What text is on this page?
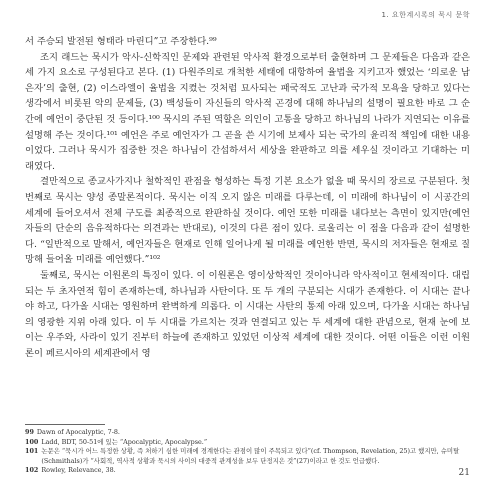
1. 요한계시록의 묵시 문학

서 주승되 발전된 형태라 마린디”고 주장한다.⁹⁹

조지 래드는 묵시가 악사-신학직인 문제와 관련된 악사적 환경으로부터 출현하며 그 문제들은 다음과 같은 세 가지 요소로 구성된다고 본다. (1) 다원주의로 개척한 세태에 대항하여 율법을 지키고자 했었는 ‘의로운 남은자’의 출현, (2) 이스라엘이 율법을 지켰는 것처럼 묘사되는 패국적도 고난과 국가적 모욕을 당하고 있다는 생각에서 비롯된 악의 문제들, (3) 백성들이 자신들의 악사적 곤경에 대해 하나님의 설명이 필요한 바로 그 순간에 예언이 중단된 것 등이다.¹⁰⁰ 묵시의 주된 역할은 의인이 고통을 당하고 하나님의 나라가 지연되는 이유를 설명해 주는 것이다.¹⁰¹ 예언은 주로 예언자가 그 곧을 쓴 시기에 보제사 되는 국가의 윤리적 책임에 대한 내용이었다. 그러나 묵시가 집중한 것은 하나님이 간섭하셔서 세상을 완판하고 의를 세우실 것이라고 기대하는 미래였다.

결만적으로 종교사가지나 철학적인 관점을 형성하는 특정 기본 요소가 없을 때 묵시의 장르로 구분된다. 첫 번째로 묵시는 양성 종말론적이다. 묵시는 이직 오지 않은 미래를 다루는데, 이 미래에 하나님이 이 시공간의 세계에 들어오셔서 전체 구도를 최종적으로 완판하실 것이다. 예언 또한 미래를 내다보는 측면이 있지만(예언자들의 단순의 음유적하다는 의견과는 반대로), 이것의 다른 점이 있다. 로울리는 이 점을 다음과 같이 설명한다. “일반적으로 말해서, 예언자들은 현재로 인해 일어나게 될 미래를 예언한 반면, 묵시의 저자들은 현재로 질망해 들어올 미래를 예언했다.”¹⁰²

둘째로, 묵시는 이원론의 특징이 있다. 이 이원론은 영이상학적인 것이아니라 악사적이고 현세적이다. 대립되는 두 초자연적 힘이 존재하는데, 하나님과 사탄이다. 또 두 개의 구분되는 시대가 존재한다. 이 시대는 끝나야 하고, 다가올 시대는 영원하며 완벽하게 의롭다. 이 시대는 사탄의 통제 아래 있으며, 다가올 시대는 하나님의 영광한 지위 아래 있다. 이 두 시대를 가르치는 것과 연결되고 있는 두 세계에 대한 관념으로, 현재 눈에 보이는 우주와, 사라이 있기 진부터 하늘에 존재하고 있었던 이상적 세계에 대한 것이다. 어떤 이들은 이런 이원론이 페르시아의 세계관에서 영

99 Dawn of Apocalyptic, 7-8.
100 Ladd, BDT, 50-51에 있는 “Apocalyptic, Apocalypse.”
101 논문은 “묵시가 어느 특정한 상황, 즉 처하기 심한 미래에 경계한다는 관점이 많이 주목되고 있다”(cf. Thompson, Revelation, 25)고 했지만, 슈미탈(Schmithals)가 “사회적, 역사적 상황과 묵시의 사이의 대중적 관계성을 보두 단정지은 것”(27)이라고 한 것도 언급했다.
102 Rowley, Relevance, 38.	21
